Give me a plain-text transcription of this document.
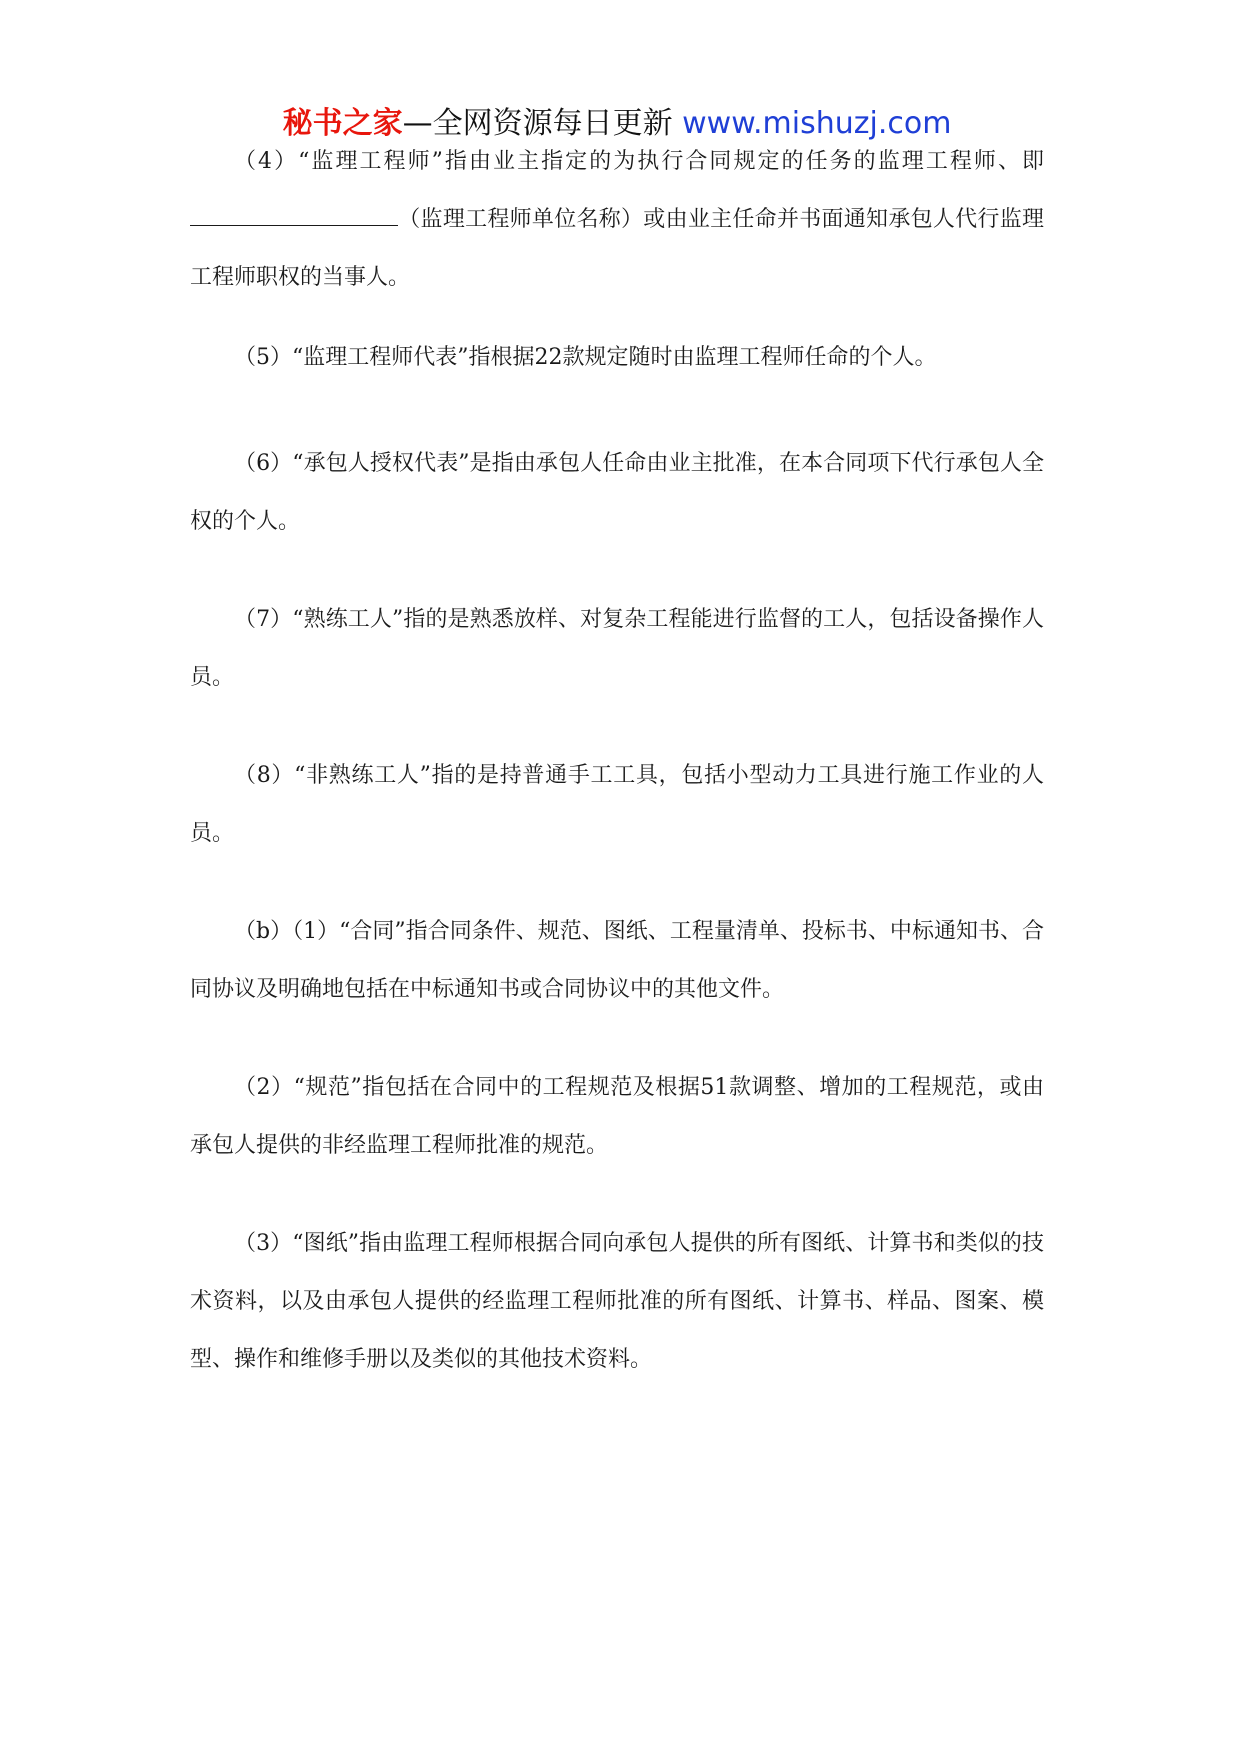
秘书之家—全网资源每日更新 www.mishuzj.com

（4）“监理工程师”指由业主指定的为执行合同规定的任务的监理工程师、即（监理工程师单位名称）或由业主任命并书面通知承包人代行监理工程师职权的当事人。

（5）“监理工程师代表”指根据22款规定随时由监理工程师任命的个人。

（6）“承包人授权代表”是指由承包人任命由业主批准，在本合同项下代行承包人全权的个人。

（7）“熟练工人”指的是熟悉放样、对复杂工程能进行监督的工人，包括设备操作人员。

（8）“非熟练工人”指的是持普通手工工具，包括小型动力工具进行施工作业的人员。

（b）（1）“合同”指合同条件、规范、图纸、工程量清单、投标书、中标通知书、合同协议及明确地包括在中标通知书或合同协议中的其他文件。

（2）“规范”指包括在合同中的工程规范及根据51款调整、增加的工程规范，或由承包人提供的非经监理工程师批准的规范。

（3）“图纸”指由监理工程师根据合同向承包人提供的所有图纸、计算书和类似的技术资料，以及由承包人提供的经监理工程师批准的所有图纸、计算书、样品、图案、模型、操作和维修手册以及类似的其他技术资料。
